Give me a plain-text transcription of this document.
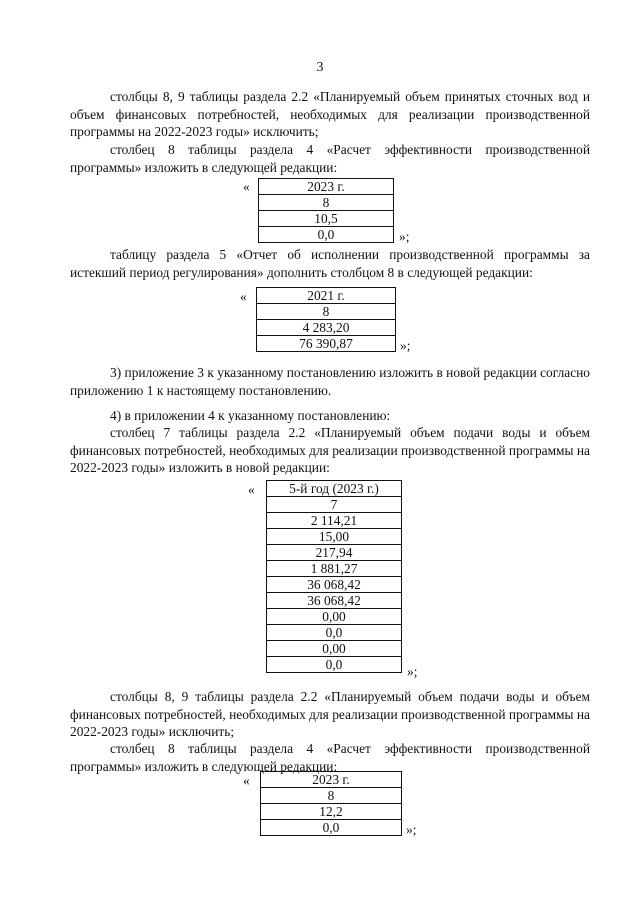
3

столбцы 8, 9 таблицы раздела 2.2 «Планируемый объем принятых сточных вод и объем финансовых потребностей, необходимых для реализации производственной программы на 2022-2023 годы» исключить;

столбец 8 таблицы раздела 4 «Расчет эффективности производственной программы» изложить в следующей редакции:

«	2023 г.
8
10,5
0,0	»;

таблицу раздела 5 «Отчет об исполнении производственной программы за истекший период регулирования» дополнить столбцом 8 в следующей редакции:

«	2021 г.
8
4 283,20
76 390,87	»;

3) приложение 3 к указанному постановлению изложить в новой редакции согласно приложению 1 к настоящему постановлению.

4) в приложении 4 к указанному постановлению:

столбец 7 таблицы раздела 2.2 «Планируемый объем подачи воды и объем финансовых потребностей, необходимых для реализации производственной программы на 2022-2023 годы» изложить в новой редакции:

«	5-й год (2023 г.)
7
2 114,21
15,00
217,94
1 881,27
36 068,42
36 068,42
0,00
0,0
0,00
0,0	»;

столбцы 8, 9 таблицы раздела 2.2 «Планируемый объем подачи воды и объем финансовых потребностей, необходимых для реализации производственной программы на 2022-2023 годы» исключить;

столбец 8 таблицы раздела 4 «Расчет эффективности производственной программы» изложить в следующей редакции:

«	2023 г.
8
12,2
0,0	»;
